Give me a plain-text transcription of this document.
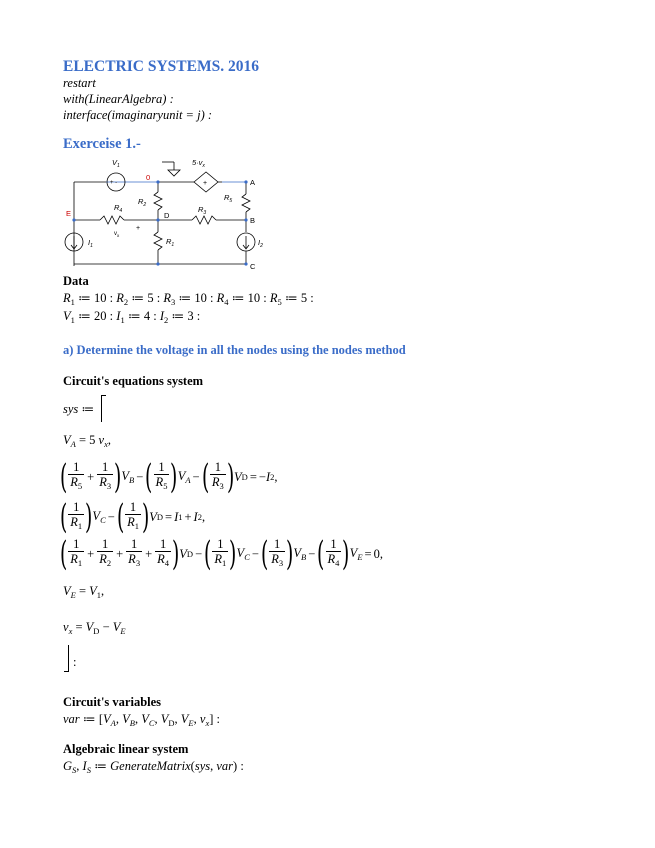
ELECTRIC SYSTEMS. 2016
restart
with(LinearAlgebra) :
interface(imaginaryunit = j) :
Exerceise 1.-
+ -	+
$V_1$	$5\cdot v_x$
$R_2$
$R_4$
$v_x$
+
$R_3$
$R_5$
$R_1$
$I_1$	$I_2$
E
0
A
D
B
C
Data
$R_1$ ≔ 10 : $R_2$ ≔ 5 : $R_3$ ≔ 10 : $R_4$ ≔ 10 : $R_5$ ≔ 5 :
$V_1$ ≔ 20 : $I_1$ ≔ 4 : $I_2$ ≔ 3 :
a) Determine the voltage in all the nodes using the nodes method
Circuit's equations system
sys ≔
$V_A = 5$ $v_x$,
( $\frac{1}{R_5} + \frac{1}{R_3}$ ) $V_B$ − ( $\frac{1}{R_5}$ ) $V_A$ − ( $\frac{1}{R_3}$ ) V D = − I 2 ,
( $\frac{1}{R_1}$ ) $V_C$ − ( $\frac{1}{R_1}$ ) V D = I 1 + I 2 ,
( $\frac{1}{R_1} + \frac{1}{R_2} + \frac{1}{R_3} + \frac{1}{R_4}$ ) V D − ( $\frac{1}{R_1}$ ) $V_C$ − ( $\frac{1}{R_3}$ ) $V_B$ − ( $\frac{1}{R_4}$ ) $V_E = 0$,
$V_E = V_1$,
$v_x = V_D - V_E$
:
Circuit's variables
var ≔ [$V_A$, $V_B$, $V_C$, $V_D$, $V_E$, $v_x$] :
Algebraic linear system
$G_S$, $I_S$ ≔ GenerateMatrix(sys, var) :
